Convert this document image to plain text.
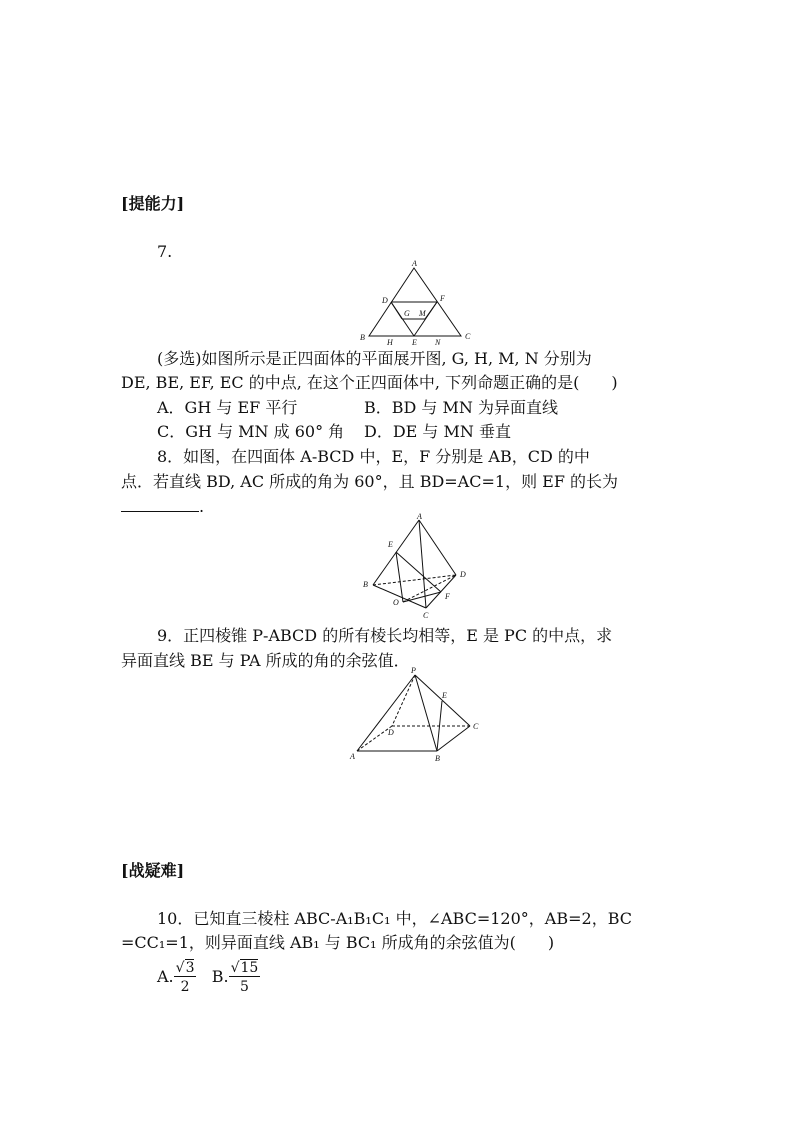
[提能力]
7.
A
D	F
G M
B	C
H E N
(多选)如图所示是正四面体的平面展开图, G, H, M, N 分别为
DE, BE, EF, EC 的中点, 在这个正四面体中, 下列命题正确的是(　　)
A．GH 与 EF 平行	B．BD 与 MN 为异面直线
C．GH 与 MN 成 60° 角 D．DE 与 MN 垂直
8．如图，在四面体 A‐BCD 中，E，F 分别是 AB，CD 的中
点．若直线 BD, AC 所成的角为 60°，且 BD=AC=1，则 EF 的长为
.
A
E
B
D
O
F
C
9．正四棱锥 P‐ABCD 的所有棱长均相等，E 是 PC 的中点，求
异面直线 BE 与 PA 所成的角的余弦值．
P
E
C
D
A	B
[战疑难]
10．已知直三棱柱 ABC‐A₁B₁C₁ 中，∠ABC=120°，AB=2，BC
=CC₁=1，则异面直线 AB₁ 与 BC₁ 所成角的余弦值为(　　)
A. $\frac{√3}{2} B$. $\frac{√15}{5}$
